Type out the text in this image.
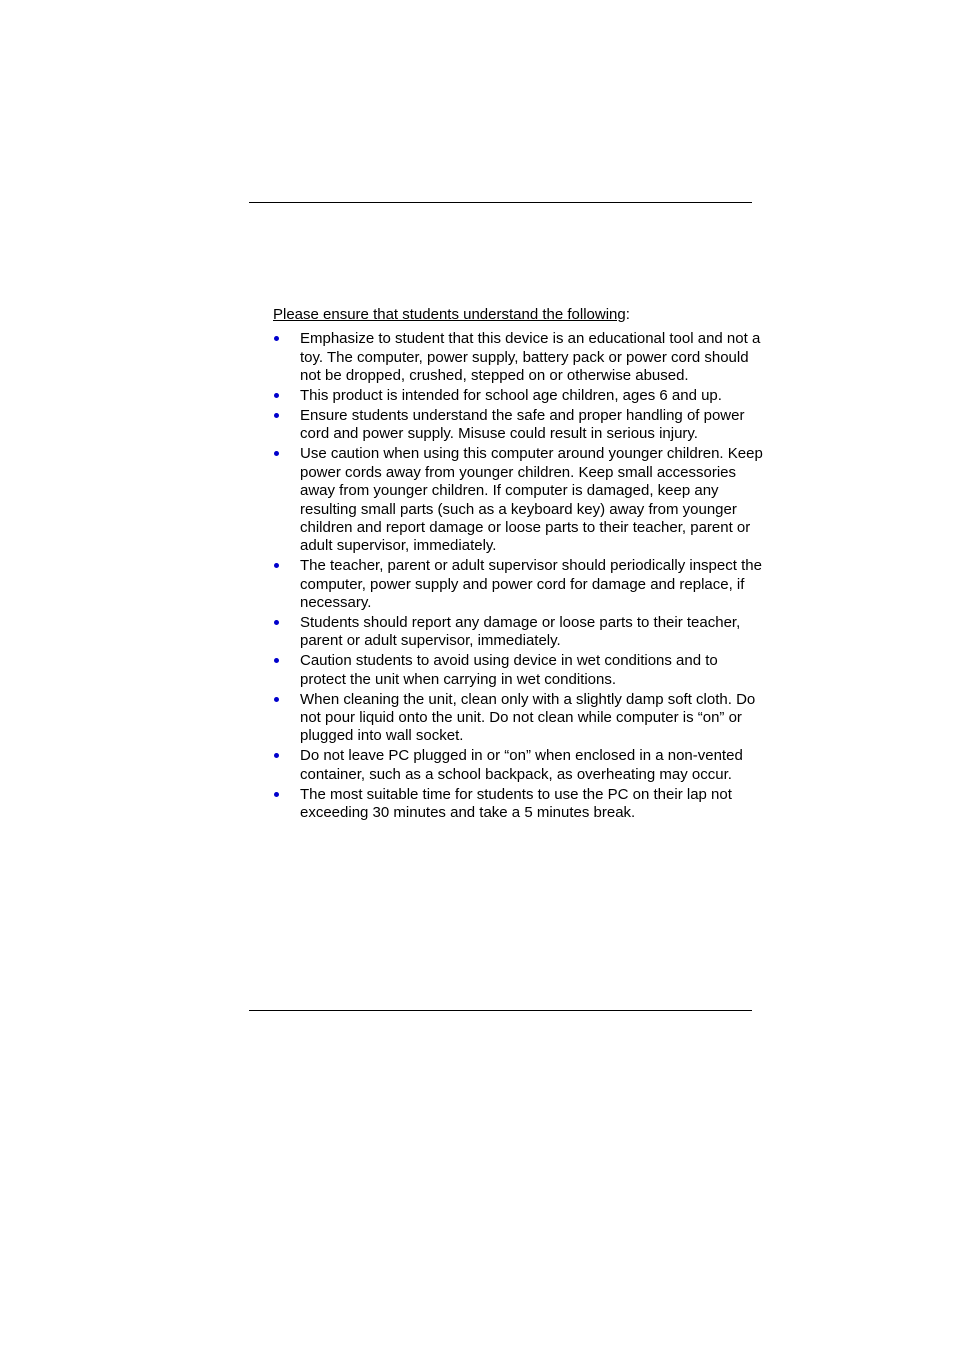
Please ensure that students understand the following:

Emphasize to student that this device is an educational tool and not a toy. The computer, power supply, battery pack or power cord should not be dropped, crushed, stepped on or otherwise abused.
This product is intended for school age children, ages 6 and up.
Ensure students understand the safe and proper handling of power cord and power supply. Misuse could result in serious injury.
Use caution when using this computer around younger children. Keep power cords away from younger children. Keep small accessories away from younger children. If computer is damaged, keep any resulting small parts (such as a keyboard key) away from younger children and report damage or loose parts to their teacher, parent or adult supervisor, immediately.
The teacher, parent or adult supervisor should periodically inspect the computer, power supply and power cord for damage and replace, if necessary.
Students should report any damage or loose parts to their teacher, parent or adult supervisor, immediately.
Caution students to avoid using device in wet conditions and to protect the unit when carrying in wet conditions.
When cleaning the unit, clean only with a slightly damp soft cloth. Do not pour liquid onto the unit. Do not clean while computer is “on” or plugged into wall socket.
Do not leave PC plugged in or “on” when enclosed in a non-vented container, such as a school backpack, as overheating may occur.
The most suitable time for students to use the PC on their lap not exceeding 30 minutes and take a 5 minutes break.
